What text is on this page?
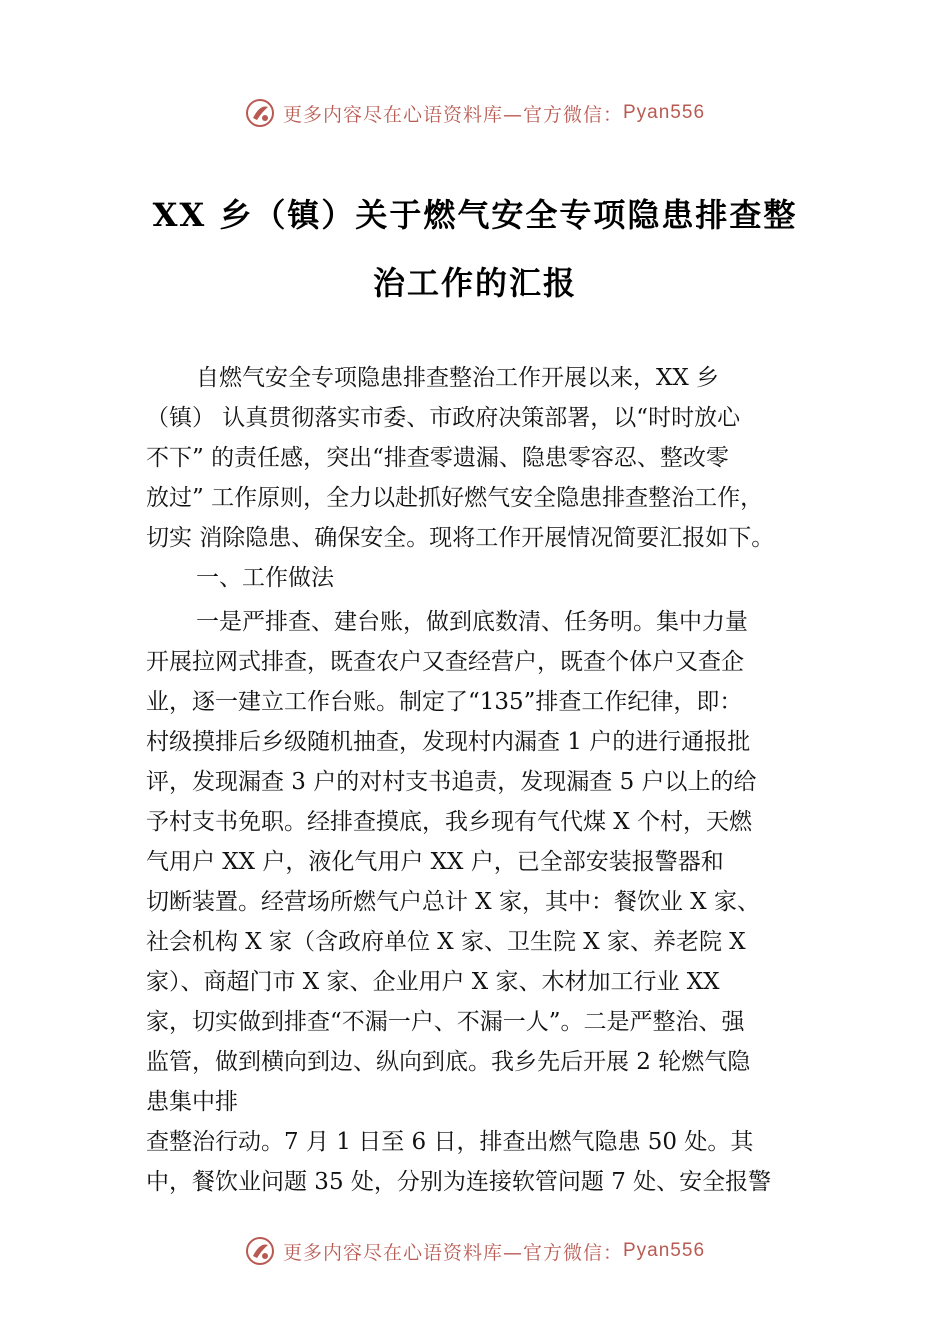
更多内容尽在心语资料库—官方微信： Pyan556
XX 乡（镇）关于燃气安全专项隐患排查整
治工作的汇报
自燃气安全专项隐患排查整治工作开展以来，XX 乡
（镇） 认真贯彻落实市委、市政府决策部署，以“时时放心
不下” 的责任感，突出“排查零遗漏、隐患零容忍、整改零
放过” 工作原则，全力以赴抓好燃气安全隐患排查整治工作，
切实 消除隐患、确保安全。现将工作开展情况简要汇报如下。
一、工作做法
一是严排查、建台账，做到底数清、任务明。集中力量
开展拉网式排查，既查农户又查经营户，既查个体户又查企
业，逐一建立工作台账。制定了“135”排查工作纪律，即：
村级摸排后乡级随机抽查，发现村内漏查 1 户的进行通报批
评，发现漏查 3 户的对村支书追责，发现漏查 5 户以上的给
予村支书免职。经排查摸底，我乡现有气代煤 X 个村，天燃
气用户 XX 户，液化气用户 XX 户，已全部安装报警器和
切断装置。经营场所燃气户总计 X 家，其中：餐饮业 X 家、
社会机构 X 家（含政府单位 X 家、卫生院 X 家、养老院 X
家）、商超门市 X 家、企业用户 X 家、木材加工行业 XX
家，切实做到排查“不漏一户、不漏一人”。二是严整治、强
监管，做到横向到边、纵向到底。我乡先后开展 2 轮燃气隐
患集中排
查整治行动。7 月 1 日至 6 日，排查出燃气隐患 50 处。其
中，餐饮业问题 35 处，分别为连接软管问题 7 处、安全报警
更多内容尽在心语资料库—官方微信： Pyan556
